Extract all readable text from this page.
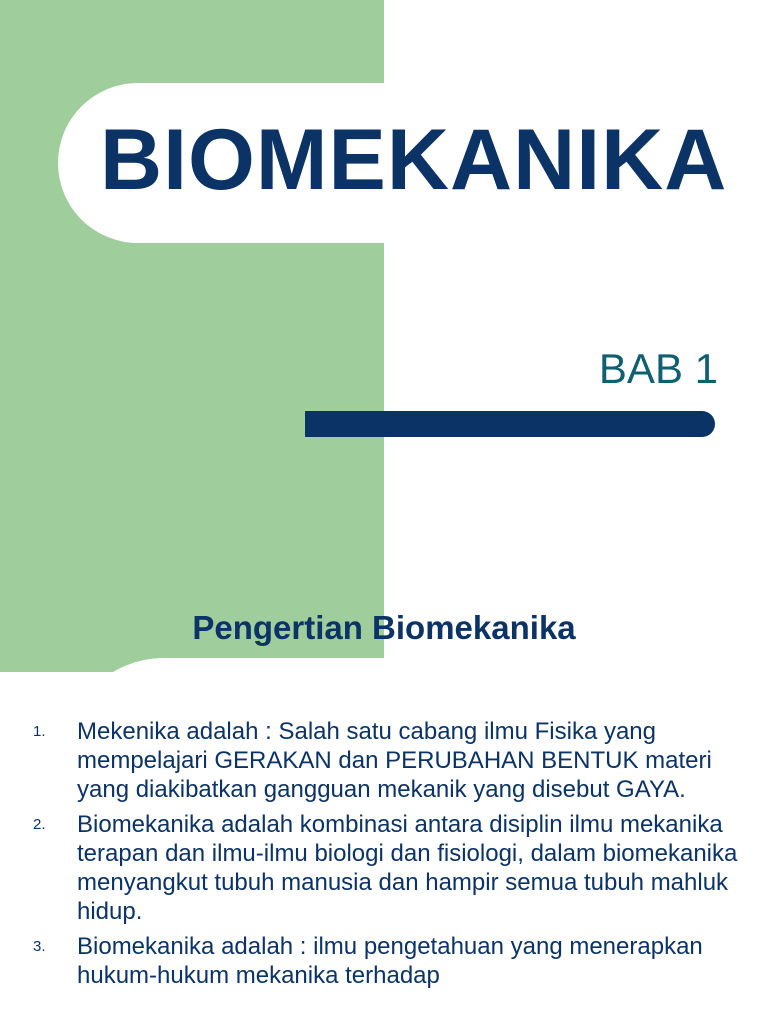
BIOMEKANIKA

BAB 1

Pengertian Biomekanika
1. Mekenika adalah : Salah satu cabang ilmu Fisika yang mempelajari GERAKAN dan PERUBAHAN BENTUK materi yang diakibatkan gangguan mekanik yang disebut GAYA.
2. Biomekanika adalah kombinasi antara disiplin ilmu mekanika terapan dan ilmu-ilmu biologi dan fisiologi, dalam biomekanika menyangkut tubuh manusia dan hampir semua tubuh mahluk hidup.
3. Biomekanika adalah : ilmu pengetahuan yang menerapkan hukum-hukum mekanika terhadap
